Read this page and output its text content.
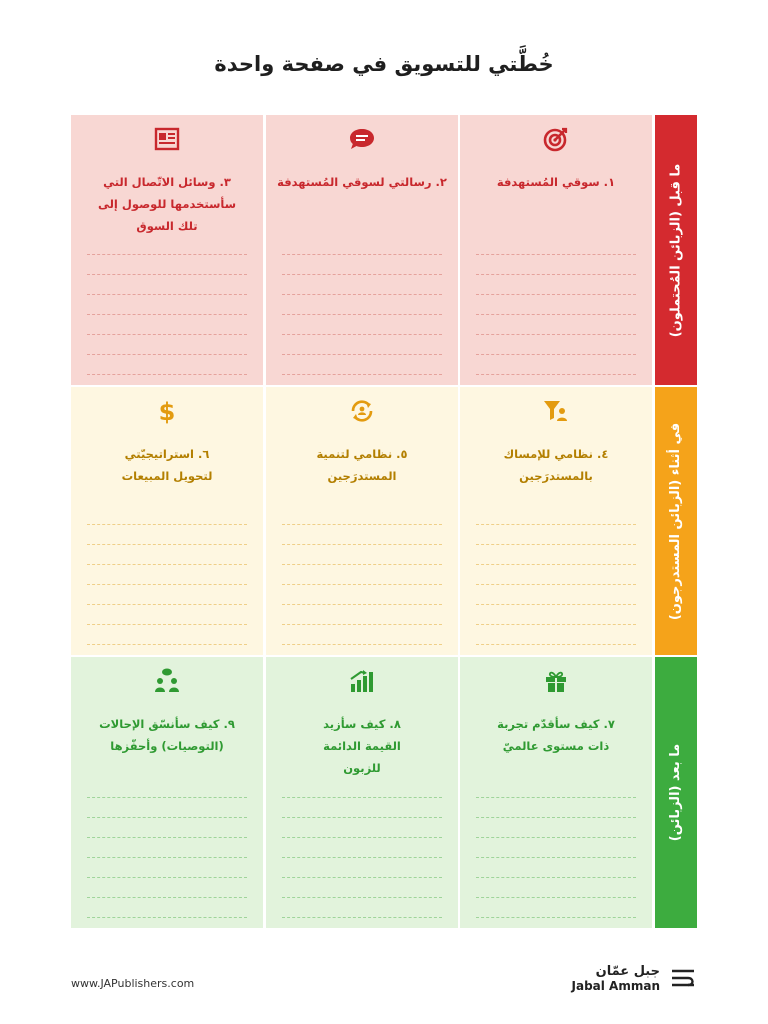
خُطَّتي للتسويق في صفحة واحدة
ما قبل (الزبائن المُحتملون)
في أثناء (الزبائن المستدرجون)
ما بعد (الزبائن)
١. سوقي المُستهدفة
٢. رسالتي لسوقي المُستهدفة
٣. وسائل الاتّصال التي سأستخدمها للوصول إلى تلك السوق
٤. نظامي للإمساك بالمستدرَجين
٥. نظامي لتنمية المستدرَجين
$
٦. استراتيجيّتي لتحويل المبيعات
٧. كيف سأقدّم تجربة ذات مستوى عالميّ
٨. كيف سأزيد القيمة الدائمة للزبون
٩. كيف سأنسّق الإحالات (التوصيات) وأحفّزها
www.JAPublishers.com
جبل عمّان
Jabal Amman
